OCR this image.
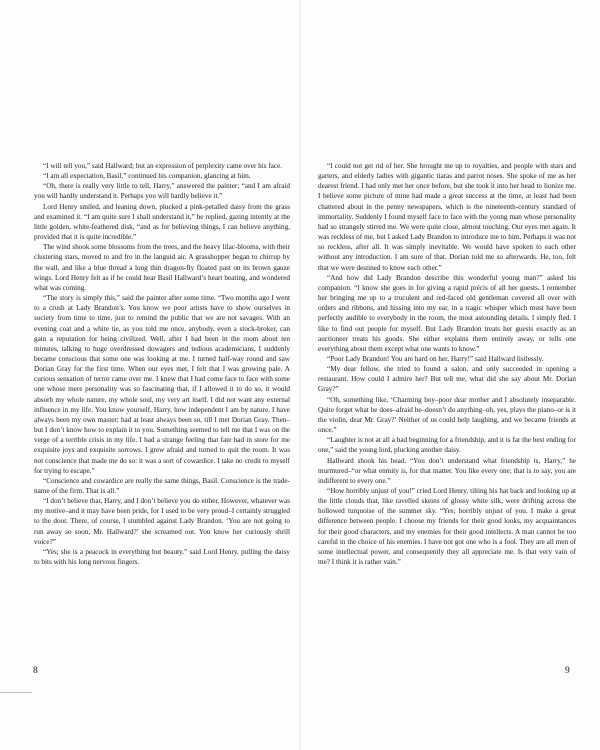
“I will tell you,” said Hallward; but an expression of perplexity came over his face.

“I am all expectation, Basil,” continued his companion, glancing at him.

“Oh, there is really very little to tell, Harry,” answered the painter; “and I am afraid you will hardly understand it. Perhaps you will hardly believe it.”

Lord Henry smiled, and leaning down, plucked a pink-petalled daisy from the grass and examined it. “I am quite sure I shall understand it,” he replied, gazing intently at the little golden, white-feathered disk, “and as for believing things, I can believe anything, provided that it is quite incredible.”

The wind shook some blossoms from the trees, and the heavy lilac-blooms, with their clustering stars, moved to and fro in the languid air. A grasshopper began to chirrup by the wall, and like a blue thread a long thin dragon-fly floated past on its brown gauze wings. Lord Henry felt as if he could hear Basil Hallward’s heart beating, and wondered what was coming.

“The story is simply this,” said the painter after some time. “Two months ago I went to a crush at Lady Brandon’s. You know we poor artists have to show ourselves in society from time to time, just to remind the public that we are not savages. With an evening coat and a white tie, as you told me once, anybody, even a stock-broker, can gain a reputation for being civilized. Well, after I had been in the room about ten minutes, talking to huge overdressed dowagers and tedious academicians, I suddenly became conscious that some one was looking at me. I turned half-way round and saw Dorian Gray for the first time. When our eyes met, I felt that I was growing pale. A curious sensation of terror came over me. I knew that I had come face to face with some one whose mere personality was so fascinating that, if I allowed it to do so, it would absorb my whole nature, my whole soul, my very art itself. I did not want any external influence in my life. You know yourself, Harry, how independent I am by nature. I have always been my own master; had at least always been so, till I met Dorian Gray. Then–but I don’t know how to explain it to you. Something seemed to tell me that I was on the verge of a terrible crisis in my life. I had a strange feeling that fate had in store for me exquisite joys and exquisite sorrows. I grew afraid and turned to quit the room. It was not conscience that made me do so: it was a sort of cowardice. I take no credit to myself for trying to escape.”

“Conscience and cowardice are really the same things, Basil. Conscience is the trade-name of the firm. That is all.”

“I don’t believe that, Harry, and I don’t believe you do either. However, whatever was my motive–and it may have been pride, for I used to be very proud–I certainly struggled to the door. There, of course, I stumbled against Lady Brandon. ‘You are not going to run away so soon, Mr. Hallward?’ she screamed out. You know her curiously shrill voice?”

“Yes; she is a peacock in everything but beauty,” said Lord Henry, pulling the daisy to bits with his long nervous fingers.

“I could not get rid of her. She brought me up to royalties, and people with stars and garters, and elderly ladies with gigantic tiaras and parrot noses. She spoke of me as her dearest friend. I had only met her once before, but she took it into her head to lionize me. I believe some picture of mine had made a great success at the time, at least had been chattered about in the penny newspapers, which is the nineteenth-century standard of immortality. Suddenly I found myself face to face with the young man whose personality had so strangely stirred me. We were quite close, almost touching. Our eyes met again. It was reckless of me, but I asked Lady Brandon to introduce me to him. Perhaps it was not so reckless, after all. It was simply inevitable. We would have spoken to each other without any introduction. I am sure of that. Dorian told me so afterwards. He, too, felt that we were destined to know each other.”

“And how did Lady Brandon describe this wonderful young man?” asked his companion. “I know she goes in for giving a rapid précis of all her guests. I remember her bringing me up to a truculent and red-faced old gentleman covered all over with orders and ribbons, and hissing into my ear, in a tragic whisper which must have been perfectly audible to everybody in the room, the most astounding details. I simply fled. I like to find out people for myself. But Lady Brandon treats her guests exactly as an auctioneer treats his goods. She either explains them entirely away, or tells one everything about them except what one wants to know.”

“Poor Lady Brandon! You are hard on her, Harry!” said Hallward listlessly.

“My dear fellow, she tried to found a salon, and only succeeded in opening a restaurant. How could I admire her? But tell me, what did she say about Mr. Dorian Gray?”

“Oh, something like, ‘Charming boy–poor dear mother and I absolutely inseparable. Quite forget what he does–afraid he–doesn’t do anything–oh, yes, plays the piano–or is it the violin, dear Mr. Gray?’ Neither of us could help laughing, and we became friends at once.”

“Laughter is not at all a bad beginning for a friendship, and it is far the best ending for one,” said the young lord, plucking another daisy.

Hallward shook his head. “You don’t understand what friendship is, Harry,” he murmured–“or what enmity is, for that matter. You like every one; that is to say, you are indifferent to every one.”

“How horribly unjust of you!” cried Lord Henry, tilting his hat back and looking up at the little clouds that, like ravelled skeins of glossy white silk, were drifting across the hollowed turquoise of the summer sky. “Yes; horribly unjust of you. I make a great difference between people. I choose my friends for their good looks, my acquaintances for their good characters, and my enemies for their good intellects. A man cannot be too careful in the choice of his enemies. I have not got one who is a fool. They are all men of some intellectual power, and consequently they all appreciate me. Is that very vain of me? I think it is rather vain.”

8	9
